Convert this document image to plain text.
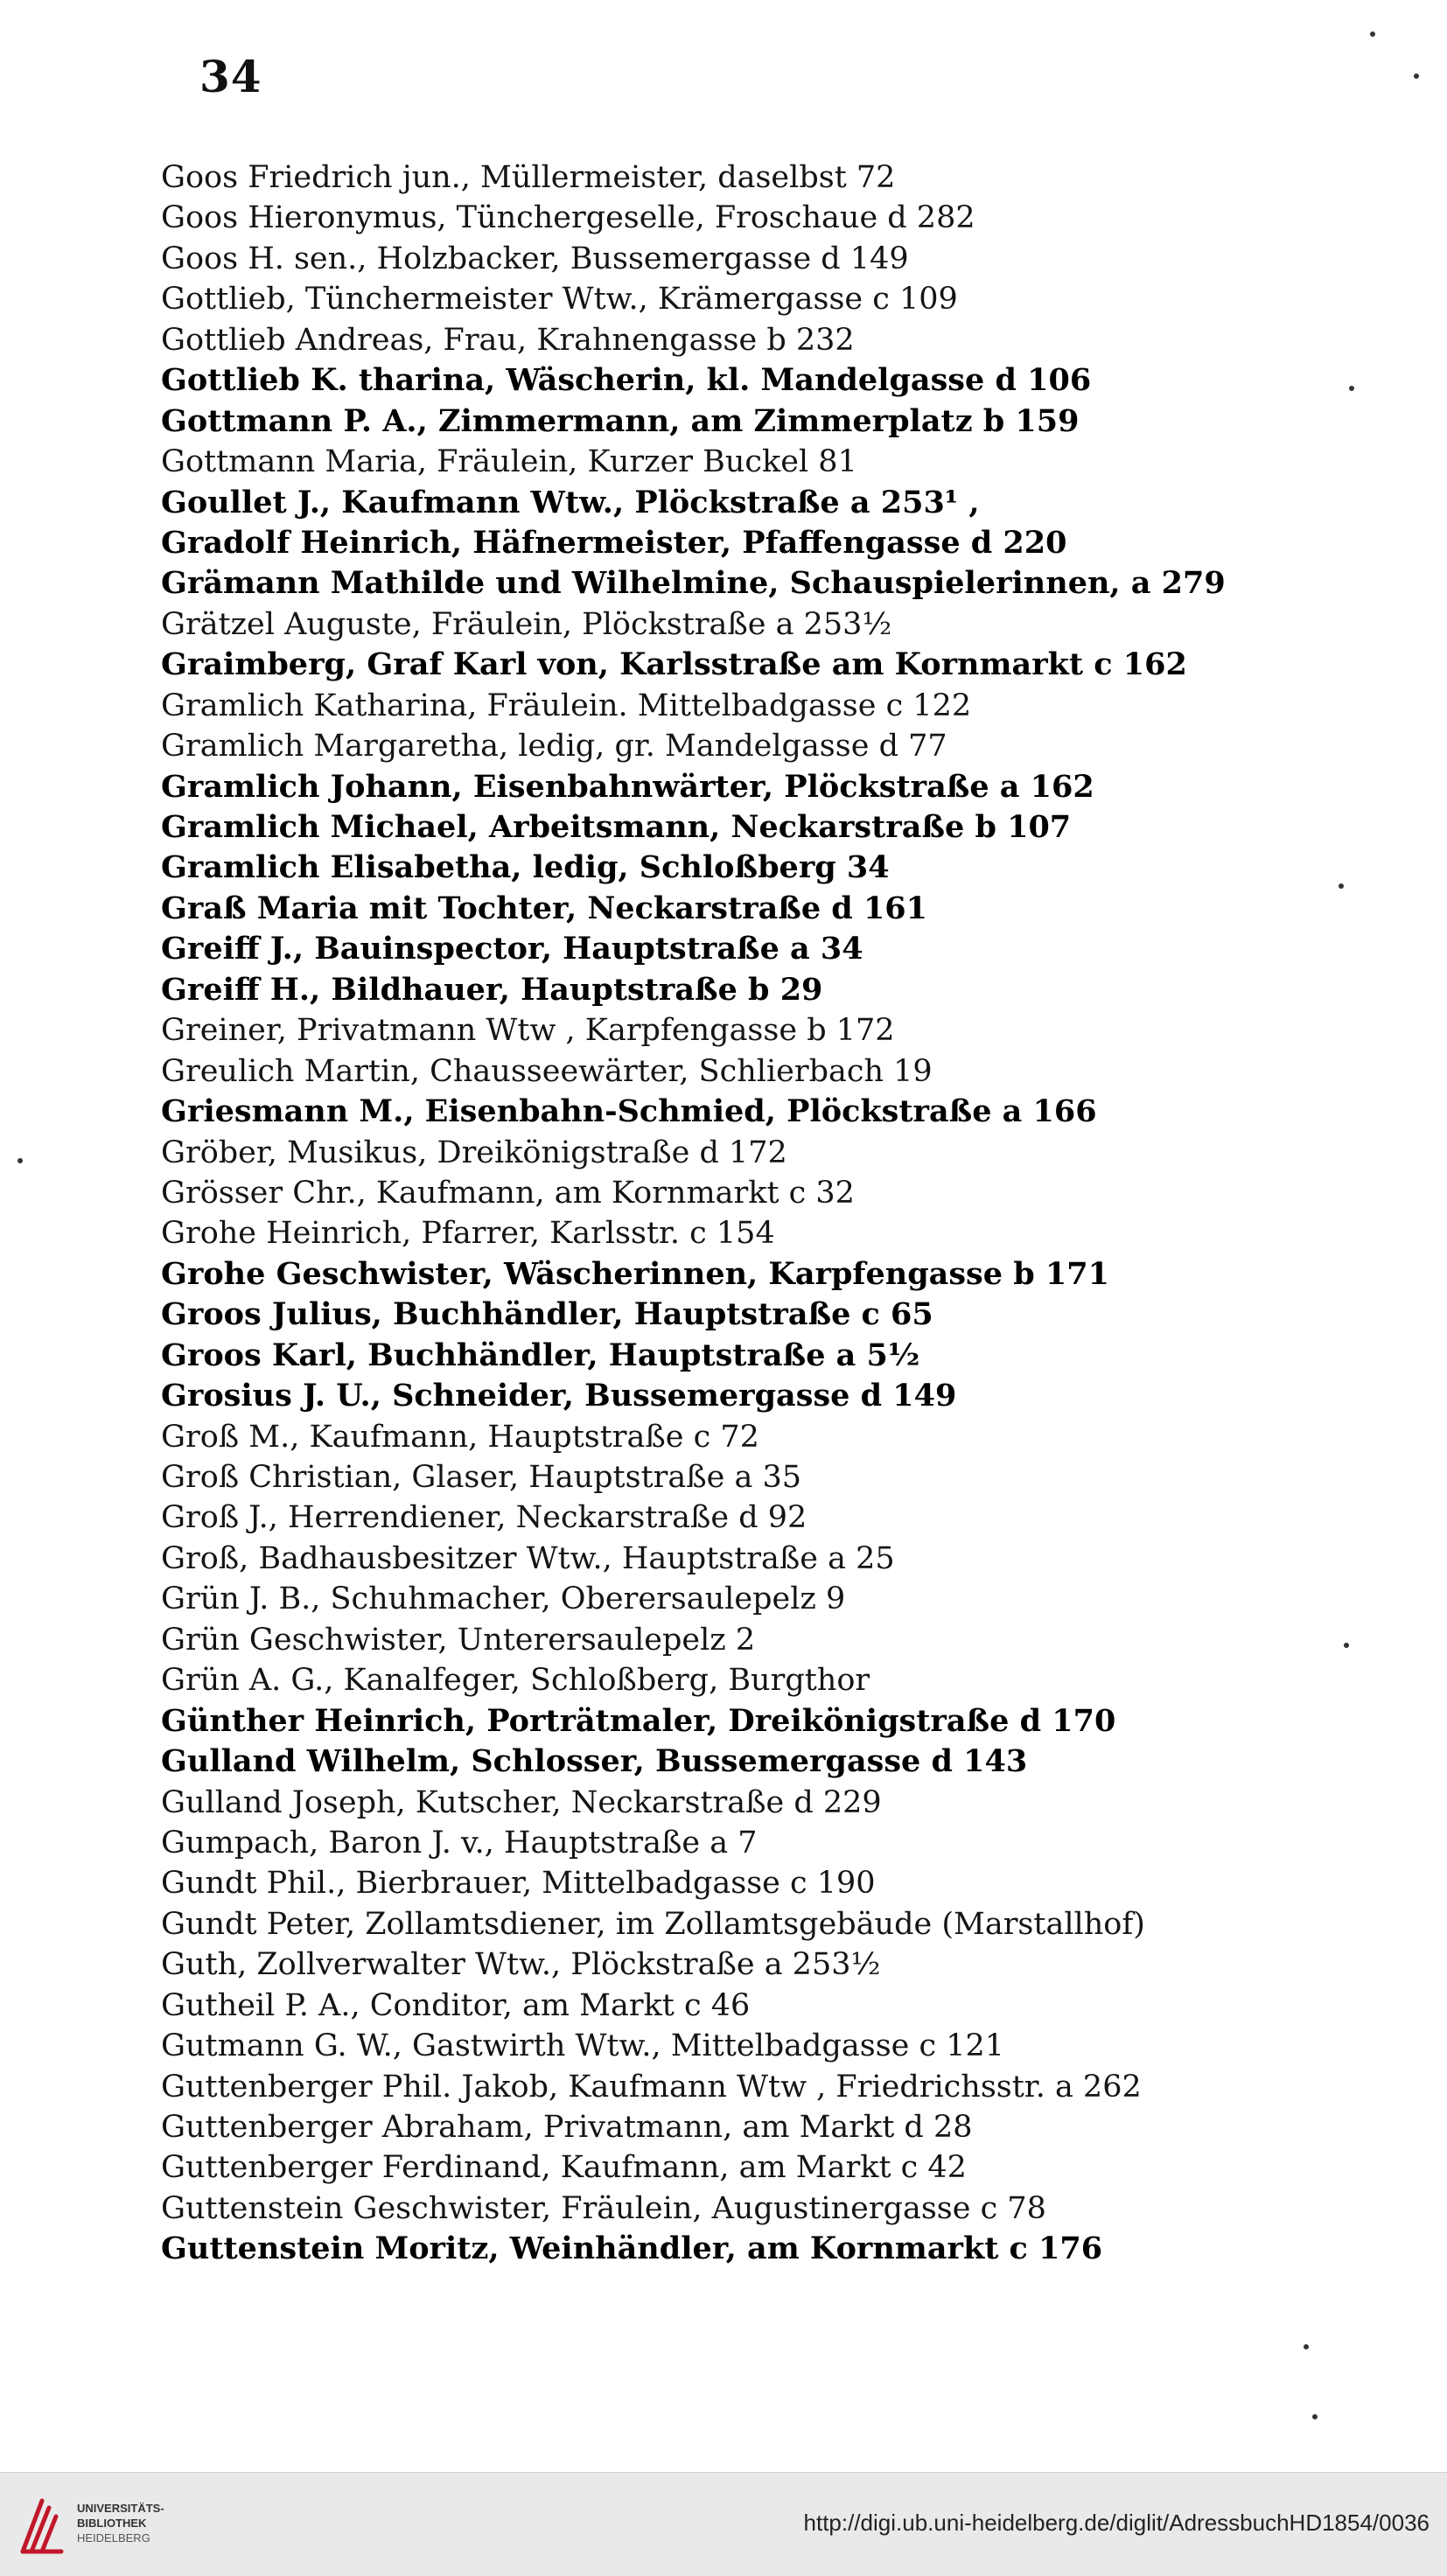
34
Goos Friedrich jun., Müllermeister, daselbst 72
Goos Hieronymus, Tünchergeselle, Froschaue d 282
Goos H. sen., Holzbacker, Bussemergasse d 149
Gottlieb, Tünchermeister Wtw., Krämergasse c 109
Gottlieb Andreas, Frau, Krahnengasse b 232
Gottlieb K. tharina, Wäscherin, kl. Mandelgasse d 106
Gottmann P. A., Zimmermann, am Zimmerplatz b 159
Gottmann Maria, Fräulein, Kurzer Buckel 81
Goullet J., Kaufmann Wtw., Plöckstraße a 253¹ ,
Gradolf Heinrich, Häfnermeister, Pfaffengasse d 220
Grämann Mathilde und Wilhelmine, Schauspielerinnen, a 279
Grätzel Auguste, Fräulein, Plöckstraße a 253½
Graimberg, Graf Karl von, Karlsstraße am Kornmarkt c 162
Gramlich Katharina, Fräulein. Mittelbadgasse c 122
Gramlich Margaretha, ledig, gr. Mandelgasse d 77
Gramlich Johann, Eisenbahnwärter, Plöckstraße a 162
Gramlich Michael, Arbeitsmann, Neckarstraße b 107
Gramlich Elisabetha, ledig, Schloßberg 34
Graß Maria mit Tochter, Neckarstraße d 161
Greiff J., Bauinspector, Hauptstraße a 34
Greiff H., Bildhauer, Hauptstraße b 29
Greiner, Privatmann Wtw , Karpfengasse b 172
Greulich Martin, Chausseewärter, Schlierbach 19
Griesmann M., Eisenbahn-Schmied, Plöckstraße a 166
Gröber, Musikus, Dreikönigstraße d 172
Grösser Chr., Kaufmann, am Kornmarkt c 32
Grohe Heinrich, Pfarrer, Karlsstr. c 154
Grohe Geschwister, Wäscherinnen, Karpfengasse b 171
Groos Julius, Buchhändler, Hauptstraße c 65
Groos Karl, Buchhändler, Hauptstraße a 5½
Grosius J. U., Schneider, Bussemergasse d 149
Groß M., Kaufmann, Hauptstraße c 72
Groß Christian, Glaser, Hauptstraße a 35
Groß J., Herrendiener, Neckarstraße d 92
Groß, Badhausbesitzer Wtw., Hauptstraße a 25
Grün J. B., Schuhmacher, Oberersaulepelz 9
Grün Geschwister, Unterersaulepelz 2
Grün A. G., Kanalfeger, Schloßberg, Burgthor
Günther Heinrich, Porträtmaler, Dreikönigstraße d 170
Gulland Wilhelm, Schlosser, Bussemergasse d 143
Gulland Joseph, Kutscher, Neckarstraße d 229
Gumpach, Baron J. v., Hauptstraße a 7
Gundt Phil., Bierbrauer, Mittelbadgasse c 190
Gundt Peter, Zollamtsdiener, im Zollamtsgebäude (Marstallhof)
Guth, Zollverwalter Wtw., Plöckstraße a 253½
Gutheil P. A., Conditor, am Markt c 46
Gutmann G. W., Gastwirth Wtw., Mittelbadgasse c 121
Guttenberger Phil. Jakob, Kaufmann Wtw , Friedrichsstr. a 262
Guttenberger Abraham, Privatmann, am Markt d 28
Guttenberger Ferdinand, Kaufmann, am Markt c 42
Guttenstein Geschwister, Fräulein, Augustinergasse c 78
Guttenstein Moritz, Weinhändler, am Kornmarkt c 176
UNIVERSITÄTS-
BIBLIOTHEK
HEIDELBERG
http://digi.ub.uni-heidelberg.de/diglit/AdressbuchHD1854/0036
